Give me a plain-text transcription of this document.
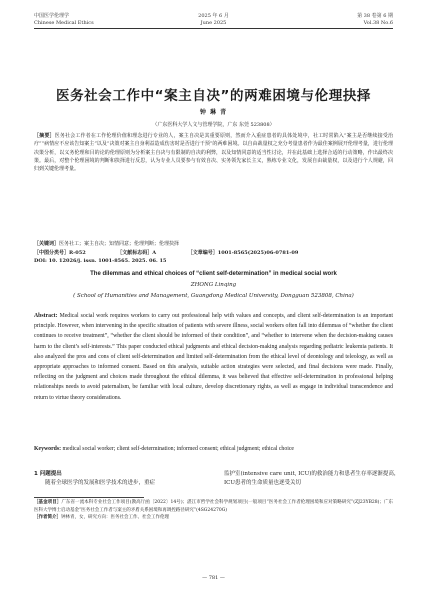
中国医学伦理学
Chinese Medical Ethics
2025 年 6 月
June 2025
第 38 卷第 6 期
Vol.38 No.6
医务社会工作中“案主自决”的两难困境与伦理抉择
钟 琳 青
（广东医科大学人文与管理学院，广东 东莞 523808）
［摘要］医务社会工作者在工作伦理价值和理念进行专业的人，案主自决是其重要原则，然而介入重症患者的具体处境中，社工时常陷入“案主是否继续接受治疗”“病情应不应该告知案主”以及“决策对案主自身利益造成伤害时是否进行干预”的两难困境。以自由裁量权之充分考量患者作为最佳案例展开伦理考量，进行伦理决策分析，以义务伦理和目的论的伦理原则为分析案主自决与有限制的自决的利弊，以及知情同意的适当性讨论，并在此基础上选择合适的行动策略，作出最终决策。最后，对整个伦理困境的判断和抉择进行反思，认为专业人员要参与有效自决、实务领先家长主义，熟练专业文化，发展自由裁量权，以及进行个人规避，回归到关键伦理考量。
［关键词］医务社工；案主自决；知情同意；伦理判断；伦理抉择
［中图分类号］R-052	［文献标志码］A	［文章编号］1001-8565(2025)06-0781-09
DOI: 10. 12026/j. issn. 1001-8565. 2025. 06. 15
The dilemmas and ethical choices of “client self-determination” in medical social work
ZHONG Linqing
( School of Humanities and Management, Guangdong Medical University, Dongguan 523808, China)
Abstract: Medical social work requires workers to carry out professional help with values and concepts, and client self-determination is an important principle. However, when intervening in the specific situation of patients with severe illness, social workers often fall into dilemmas of “whether the client continues to receive treatment”, “whether the client should be informed of their condition”, and “whether to intervene when the decision-making causes harm to the client’s self-interests.” This paper conducted ethical judgments and ethical decision-making analysis regarding pediatric leukemia patients. It also analyzed the pros and cons of client self-determination and limited self-determination from the ethical level of deontology and teleology, as well as appropriate approaches to informed consent. Based on this analysis, suitable action strategies were selected, and final decisions were made. Finally, reflecting on the judgment and choices made throughout the ethical dilemma, it was believed that effective self-determination in professional helping relationships needs to avoid paternalism, be familiar with local culture, develop discretionary rights, as well as engage in individual transcendence and return to virtue theory considerations.
Keywords: medical social worker; client self-determination; informed consent; ethical judgment; ethical choice
1 问题提出
随着全球医学的发展和医学技术的进步，重症
监护室(intensive care unit, ICU)的救治能力和患者生存率逐渐提高，ICU患者的生命质量也逐受关切
［基金项目］广东省一流本科专业社会工作项目(教高厅函〔2022〕14号)；湛江市哲学社会科学规划项目(一般项目“医务社会工作者伦理困境和应对策略研究”(ZJ23YB28)；广东医科大学博士启动基金“医务社会工作者与案主的矛盾关系困境和再调控路径研究”(4SG24270G)
［作者简介］钟林青，女，研究方向：医务社会工作、社会工作伦理
— 781 —
